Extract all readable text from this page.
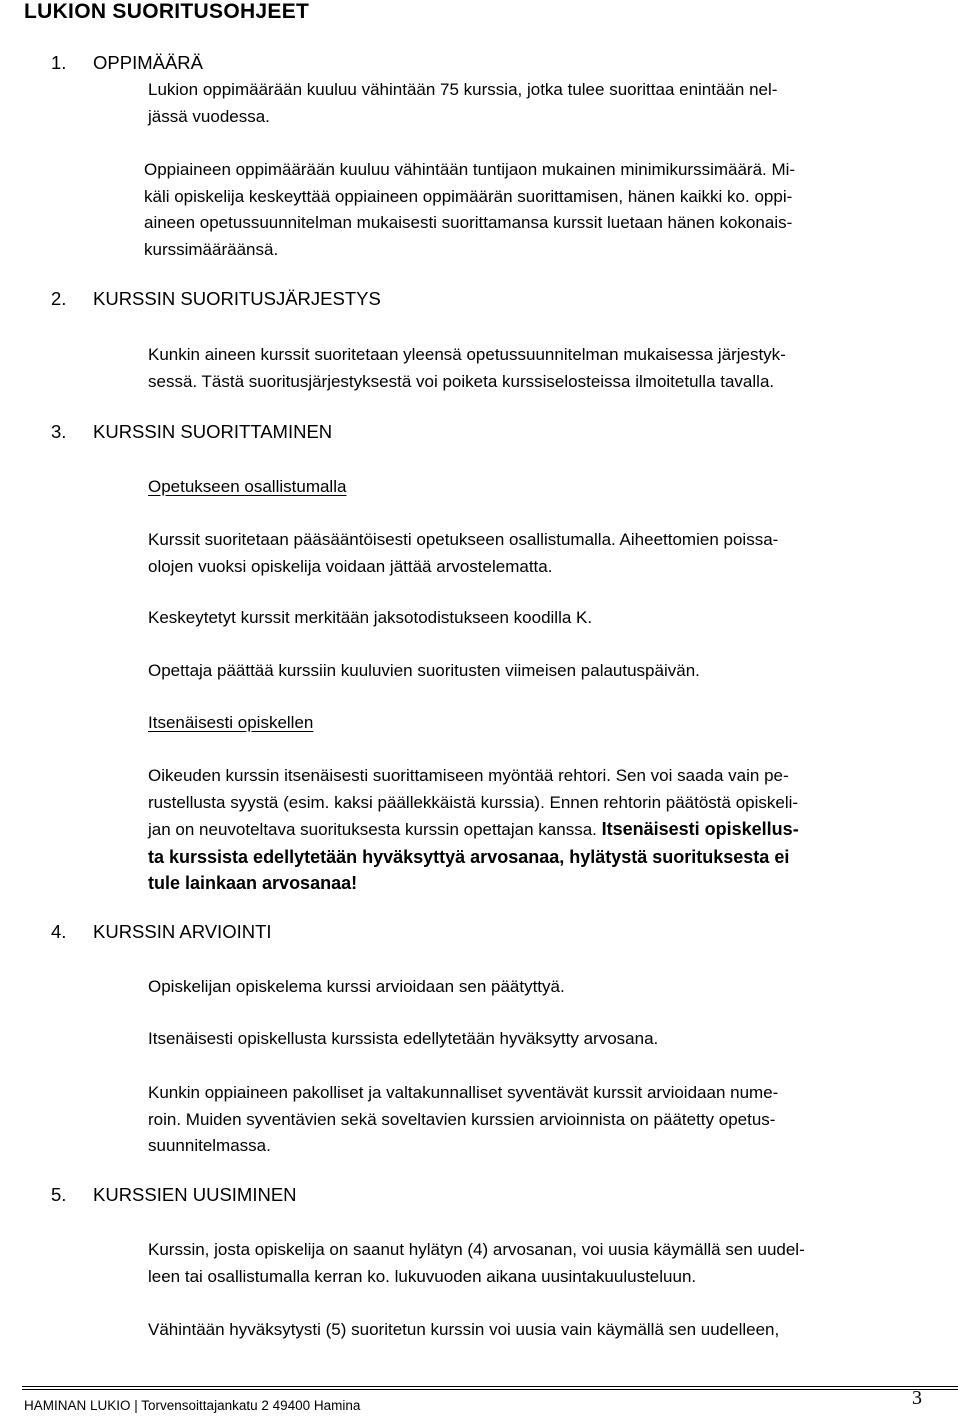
LUKION SUORITUSOHJEET
1. OPPIMÄÄRÄ
Lukion oppimäärään kuuluu vähintään 75 kurssia, jotka tulee suorittaa enintään nel-
jässä vuodessa.
Oppiaineen oppimäärään kuuluu vähintään tuntijaon mukainen minimikurssimäärä. Mi-
käli opiskelija keskeyttää oppiaineen oppimäärän suorittamisen, hänen kaikki ko. oppi-
aineen opetussuunnitelman mukaisesti suorittamansa kurssit luetaan hänen kokonais-
kurssimääräänsä.
2. KURSSIN SUORITUSJÄRJESTYS
Kunkin aineen kurssit suoritetaan yleensä opetussuunnitelman mukaisessa järjestyk-
sessä. Tästä suoritusjärjestyksestä voi poiketa kurssiselosteissa ilmoitetulla tavalla.
3. KURSSIN SUORITTAMINEN
Opetukseen osallistumalla
Kurssit suoritetaan pääsääntöisesti opetukseen osallistumalla. Aiheettomien poissa-
olojen vuoksi opiskelija voidaan jättää arvostelematta.
Keskeytetyt kurssit merkitään jaksotodistukseen koodilla K.
Opettaja päättää kurssiin kuuluvien suoritusten viimeisen palautuspäivän.
Itsenäisesti opiskellen
Oikeuden kurssin itsenäisesti suorittamiseen myöntää rehtori. Sen voi saada vain pe-
rustellusta syystä (esim. kaksi päällekkäistä kurssia). Ennen rehtorin päätöstä opiskeli-
jan on neuvoteltava suorituksesta kurssin opettajan kanssa. Itsenäisesti opiskellus-
ta kurssista edellytetään hyväksyttyä arvosanaa, hylätystä suorituksesta ei
tule lainkaan arvosanaa!
4. KURSSIN ARVIOINTI
Opiskelijan opiskelema kurssi arvioidaan sen päätyttyä.
Itsenäisesti opiskellusta kurssista edellytetään hyväksytty arvosana.
Kunkin oppiaineen pakolliset ja valtakunnalliset syventävät kurssit arvioidaan nume-
roin. Muiden syventävien sekä soveltavien kurssien arvioinnista on päätetty opetus-
suunnitelmassa.
5. KURSSIEN UUSIMINEN
Kurssin, josta opiskelija on saanut hylätyn (4) arvosanan, voi uusia käymällä sen uudel-
leen tai osallistumalla kerran ko. lukuvuoden aikana uusintakuulusteluun.
Vähintään hyväksytysti (5) suoritetun kurssin voi uusia vain käymällä sen uudelleen,
HAMINAN LUKIO | Torvensoittajankatu 2 49400 Hamina	3
